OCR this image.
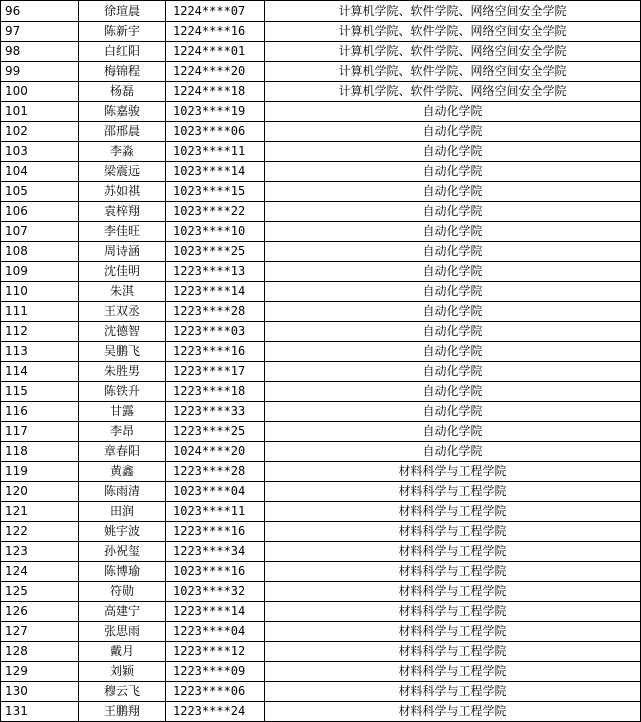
96	徐瑄晨	1224****07	计算机学院、软件学院、网络空间安全学院
97	陈新宇	1224****16	计算机学院、软件学院、网络空间安全学院
98	白红阳	1224****01	计算机学院、软件学院、网络空间安全学院
99	梅锦程	1224****20	计算机学院、软件学院、网络空间安全学院
100	杨磊	1224****18	计算机学院、软件学院、网络空间安全学院
101	陈嘉骏	1023****19	自动化学院
102	邵邢晨	1023****06	自动化学院
103	李淼	1023****11	自动化学院
104	梁震远	1023****14	自动化学院
105	苏如祺	1023****15	自动化学院
106	袁梓翔	1023****22	自动化学院
107	李佳旺	1023****10	自动化学院
108	周诗涵	1023****25	自动化学院
109	沈佳明	1223****13	自动化学院
110	朱淇	1223****14	自动化学院
111	王双丞	1223****28	自动化学院
112	沈德智	1223****03	自动化学院
113	吴鹏飞	1223****16	自动化学院
114	朱胜男	1223****17	自动化学院
115	陈铁升	1223****18	自动化学院
116	甘露	1223****33	自动化学院
117	李昂	1223****25	自动化学院
118	章春阳	1024****20	自动化学院
119	黄鑫	1223****28	材料科学与工程学院
120	陈雨清	1023****04	材料科学与工程学院
121	田润	1023****11	材料科学与工程学院
122	姚宇波	1223****16	材料科学与工程学院
123	孙祝玺	1223****34	材料科学与工程学院
124	陈博瑜	1023****16	材料科学与工程学院
125	符勋	1023****32	材料科学与工程学院
126	高建宁	1223****14	材料科学与工程学院
127	张思雨	1223****04	材料科学与工程学院
128	戴月	1223****12	材料科学与工程学院
129	刘颖	1223****09	材料科学与工程学院
130	穆云飞	1223****06	材料科学与工程学院
131	王鹏翔	1223****24	材料科学与工程学院
